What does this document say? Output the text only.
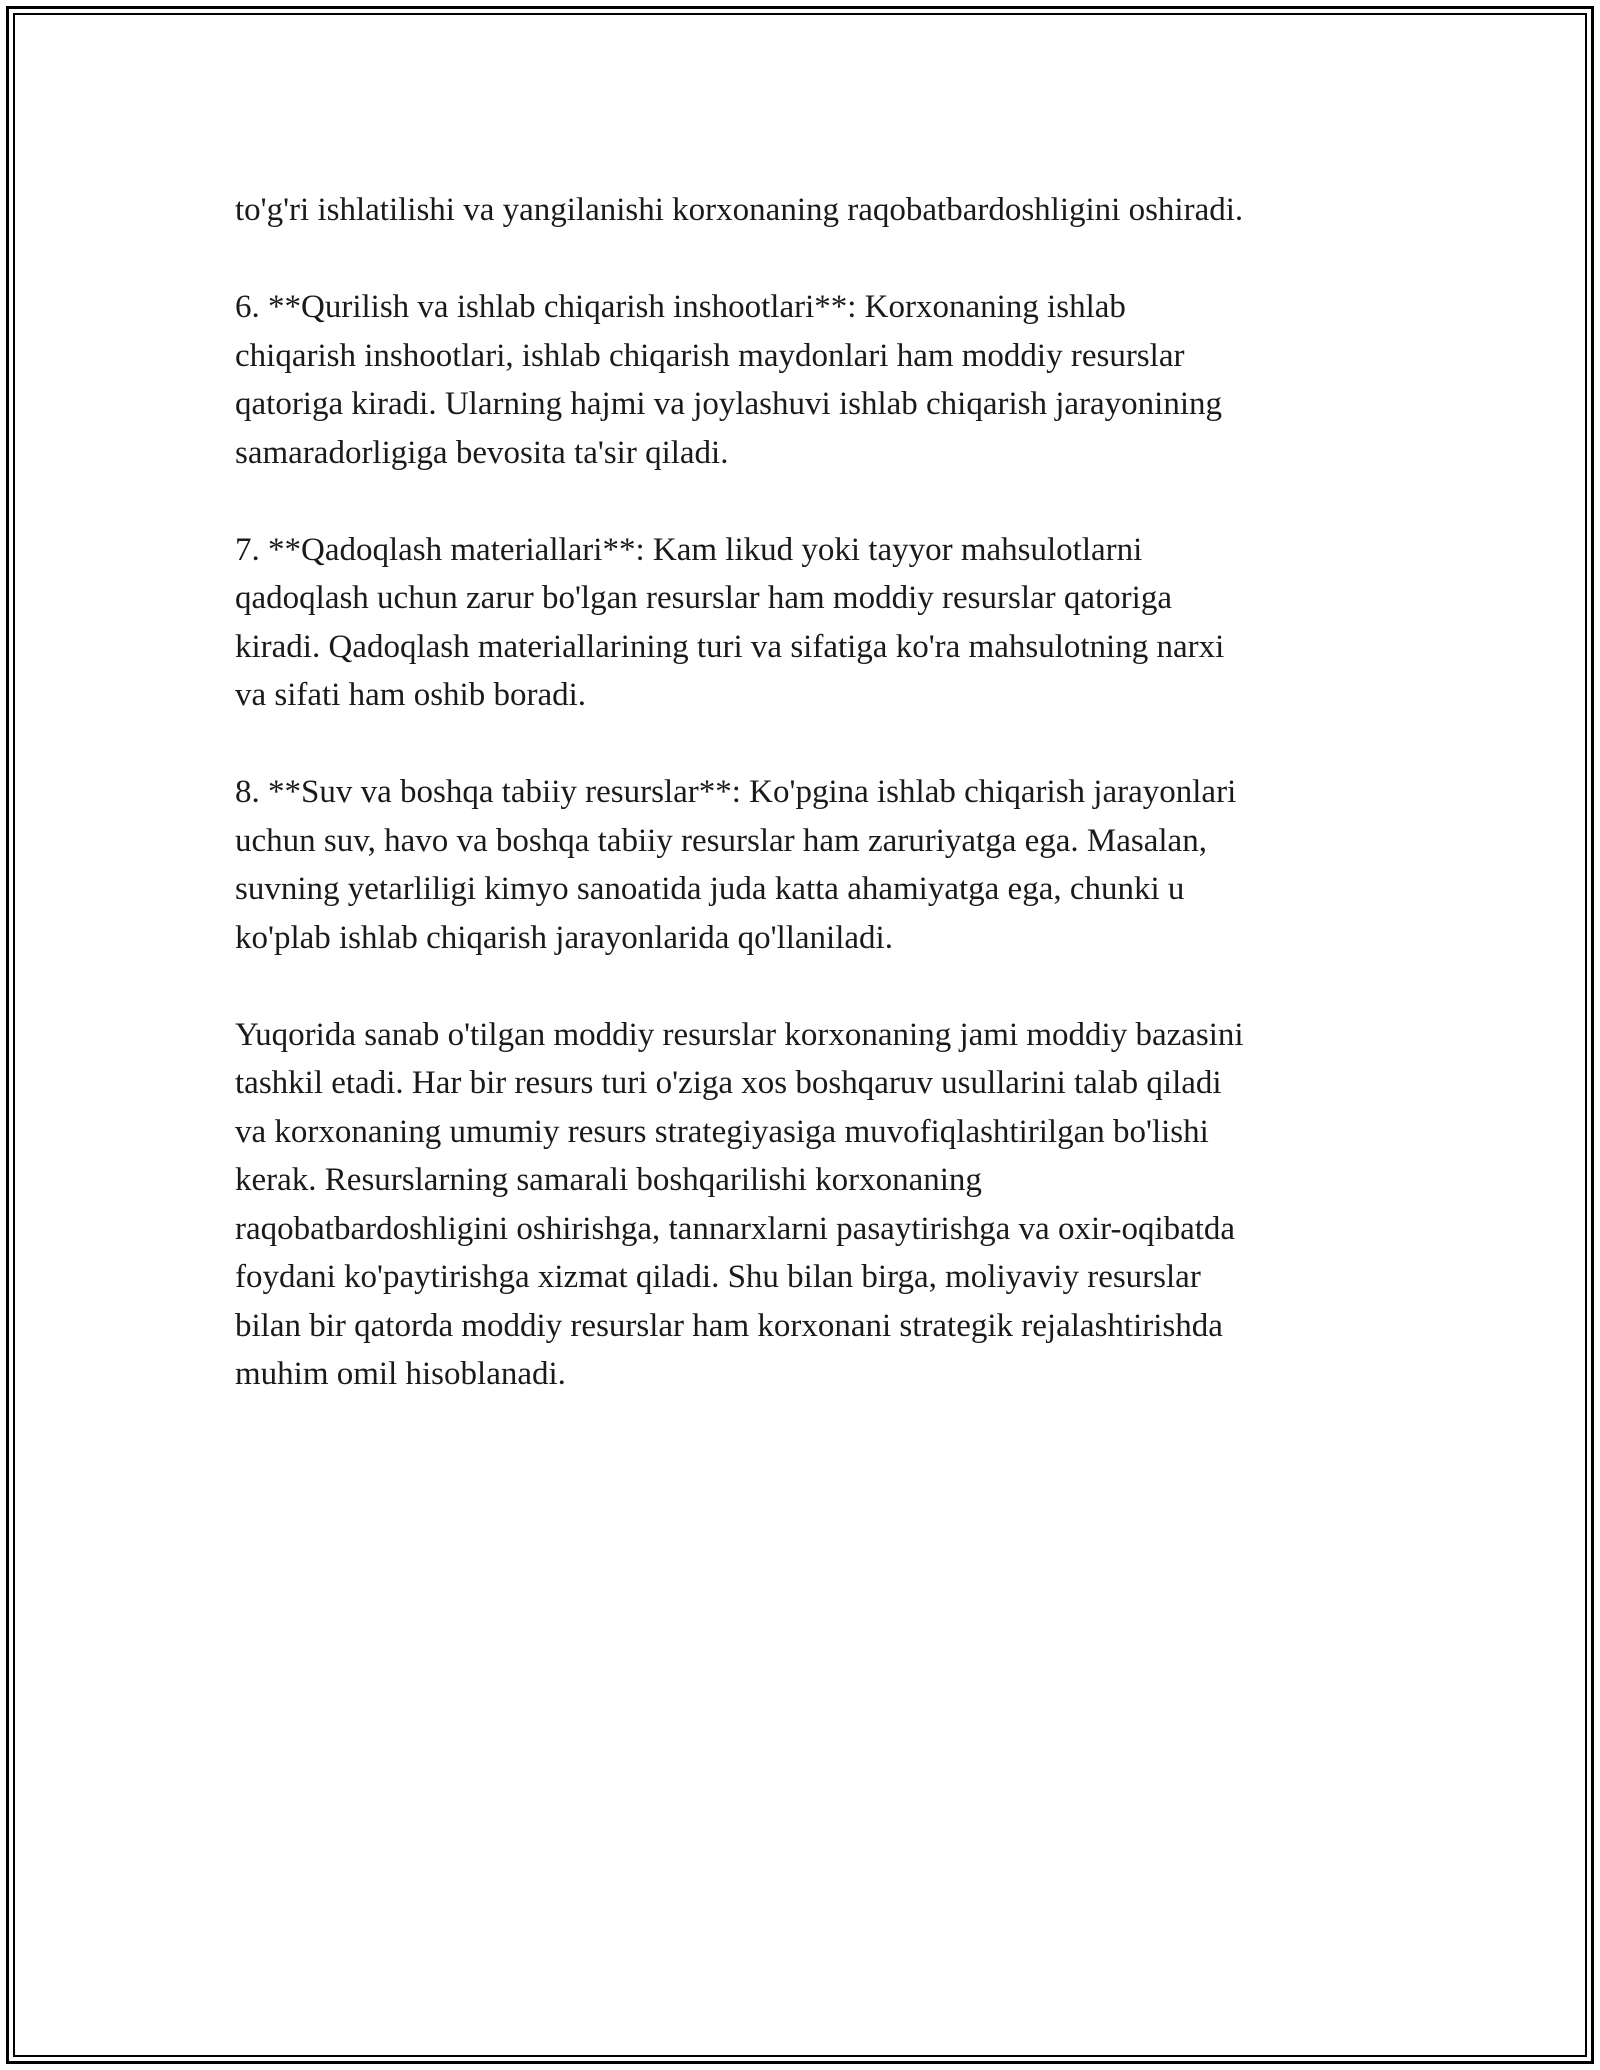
to'g'ri ishlatilishi va yangilanishi korxonaning raqobatbardoshligini oshiradi.

6. **Qurilish va ishlab chiqarish inshootlari**: Korxonaning ishlab
chiqarish inshootlari, ishlab chiqarish maydonlari ham moddiy resurslar
qatoriga kiradi. Ularning hajmi va joylashuvi ishlab chiqarish jarayonining
samaradorligiga bevosita ta'sir qiladi.

7. **Qadoqlash materiallari**: Kam likud yoki tayyor mahsulotlarni
qadoqlash uchun zarur bo'lgan resurslar ham moddiy resurslar qatoriga
kiradi. Qadoqlash materiallarining turi va sifatiga ko'ra mahsulotning narxi
va sifati ham oshib boradi.

8. **Suv va boshqa tabiiy resurslar**: Ko'pgina ishlab chiqarish jarayonlari
uchun suv, havo va boshqa tabiiy resurslar ham zaruriyatga ega. Masalan,
suvning yetarliligi kimyo sanoatida juda katta ahamiyatga ega, chunki u
ko'plab ishlab chiqarish jarayonlarida qo'llaniladi.

Yuqorida sanab o'tilgan moddiy resurslar korxonaning jami moddiy bazasini
tashkil etadi. Har bir resurs turi o'ziga xos boshqaruv usullarini talab qiladi
va korxonaning umumiy resurs strategiyasiga muvofiqlashtirilgan bo'lishi
kerak. Resurslarning samarali boshqarilishi korxonaning
raqobatbardoshligini oshirishga, tannarxlarni pasaytirishga va oxir-oqibatda
foydani ko'paytirishga xizmat qiladi. Shu bilan birga, moliyaviy resurslar
bilan bir qatorda moddiy resurslar ham korxonani strategik rejalashtirishda
muhim omil hisoblanadi.
